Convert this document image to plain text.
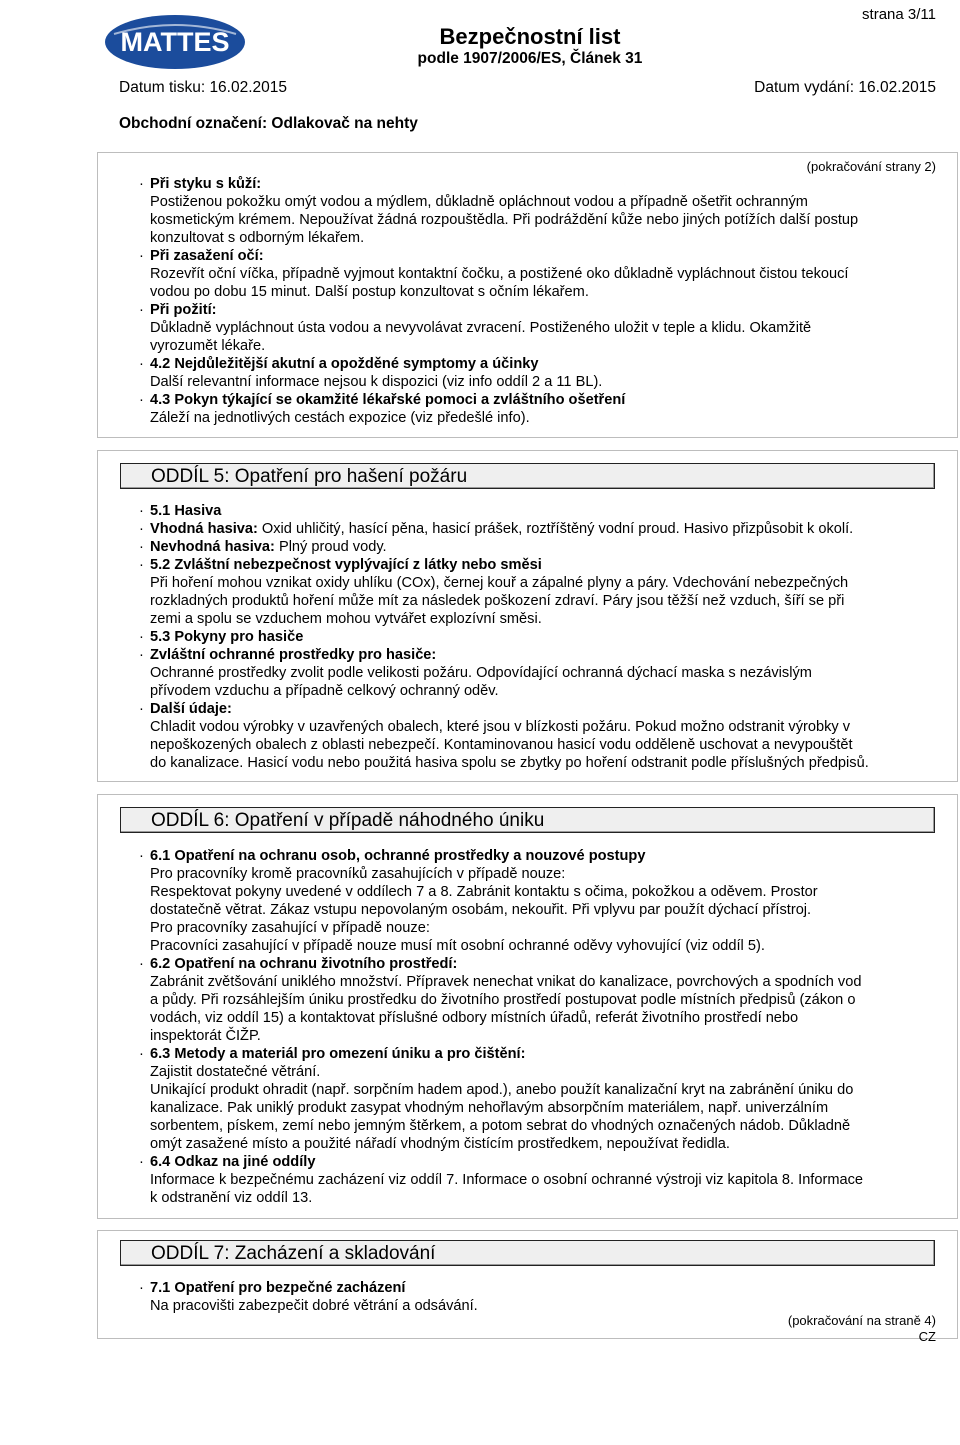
MATTES
strana 3/11
Bezpečnostní list
podle 1907/2006/ES, Článek 31
Datum tisku: 16.02.2015	Datum vydání: 16.02.2015
Obchodní označení: Odlakovač na nehty
(pokračování strany 2)
· Při styku s kůží:
Postiženou pokožku omýt vodou a mýdlem, důkladně opláchnout vodou a případně ošetřit ochranným
kosmetickým krémem. Nepoužívat žádná rozpouštědla. Při podráždění kůže nebo jiných potížích další postup
konzultovat s odborným lékařem.
· Při zasažení očí:
Rozevřít oční víčka, případně vyjmout kontaktní čočku, a postižené oko důkladně vypláchnout čistou tekoucí
vodou po dobu 15 minut. Další postup konzultovat s očním lékařem.
· Při požití:
Důkladně vypláchnout ústa vodou a nevyvolávat zvracení. Postiženého uložit v teple a klidu. Okamžitě
vyrozumět lékaře.
· 4.2 Nejdůležitější akutní a opožděné symptomy a účinky
Další relevantní informace nejsou k dispozici (viz info oddíl 2 a 11 BL).
· 4.3 Pokyn týkající se okamžité lékařské pomoci a zvláštního ošetření
Záleží na jednotlivých cestách expozice (viz předešlé info).
ODDÍL 5: Opatření pro hašení požáru
· 5.1 Hasiva
· Vhodná hasiva: Oxid uhličitý, hasící pěna, hasicí prášek, roztříštěný vodní proud. Hasivo přizpůsobit k okolí.
· Nevhodná hasiva: Plný proud vody.
· 5.2 Zvláštní nebezpečnost vyplývající z látky nebo směsi
Při hoření mohou vznikat oxidy uhlíku (COx), černej kouř a zápalné plyny a páry. Vdechování nebezpečných
rozkladných produktů hoření může mít za následek poškození zdraví. Páry jsou těžší než vzduch, šíří se při
zemi a spolu se vzduchem mohou vytvářet explozívní směsi.
· 5.3 Pokyny pro hasiče
· Zvláštní ochranné prostředky pro hasiče:
Ochranné prostředky zvolit podle velikosti požáru. Odpovídající ochranná dýchací maska s nezávislým
přívodem vzduchu a případně celkový ochranný oděv.
· Další údaje:
Chladit vodou výrobky v uzavřených obalech, které jsou v blízkosti požáru. Pokud možno odstranit výrobky v
nepoškozených obalech z oblasti nebezpečí. Kontaminovanou hasicí vodu odděleně uschovat a nevypouštět
do kanalizace. Hasicí vodu nebo použitá hasiva spolu se zbytky po hoření odstranit podle příslušných předpisů.
ODDÍL 6: Opatření v případě náhodného úniku
· 6.1 Opatření na ochranu osob, ochranné prostředky a nouzové postupy
Pro pracovníky kromě pracovníků zasahujících v případě nouze:
Respektovat pokyny uvedené v oddílech 7 a 8. Zabránit kontaktu s očima, pokožkou a oděvem. Prostor
dostatečně větrat. Zákaz vstupu nepovolaným osobám, nekouřit. Při vplyvu par použít dýchací přístroj.
Pro pracovníky zasahující v případě nouze:
Pracovníci zasahující v případě nouze musí mít osobní ochranné oděvy vyhovující (viz oddíl 5).
· 6.2 Opatření na ochranu životního prostředí:
Zabránit zvětšování unikléhο množství. Přípravek nenechat vnikat do kanalizace, povrchových a spodních vod
a půdy. Při rozsáhlejším úniku prostředku do životního prostředí postupovat podle místních předpisů (zákon o
vodách, viz oddíl 15) a kontaktovat příslušné odbory místních úřadů, referát životního prostředí nebo
inspektorát ČIŽP.
· 6.3 Metody a materiál pro omezení úniku a pro čištění:
Zajistit dostatečné větrání.
Unikající produkt ohradit (např. sorpčním hadem apod.), anebo použít kanalizační kryt na zabránění úniku do
kanalizace. Pak uniklý produkt zasypat vhodným nehořlavým absorpčním materiálem, např. univerzálním
sorbentem, pískem, zemí nebo jemným štěrkem, a potom sebrat do vhodných označených nádob. Důkladně
omýt zasažené místo a použité nářadí vhodným čistícím prostředkem, nepoužívat ředidla.
· 6.4 Odkaz na jiné oddíly
Informace k bezpečnému zacházení viz oddíl 7. Informace o osobní ochranné výstroji viz kapitola 8. Informace
k odstranění viz oddíl 13.
ODDÍL 7: Zacházení a skladování
· 7.1 Opatření pro bezpečné zacházení
Na pracovišti zabezpečit dobré větrání a odsávání.
(pokračování na straně 4)
CZ
